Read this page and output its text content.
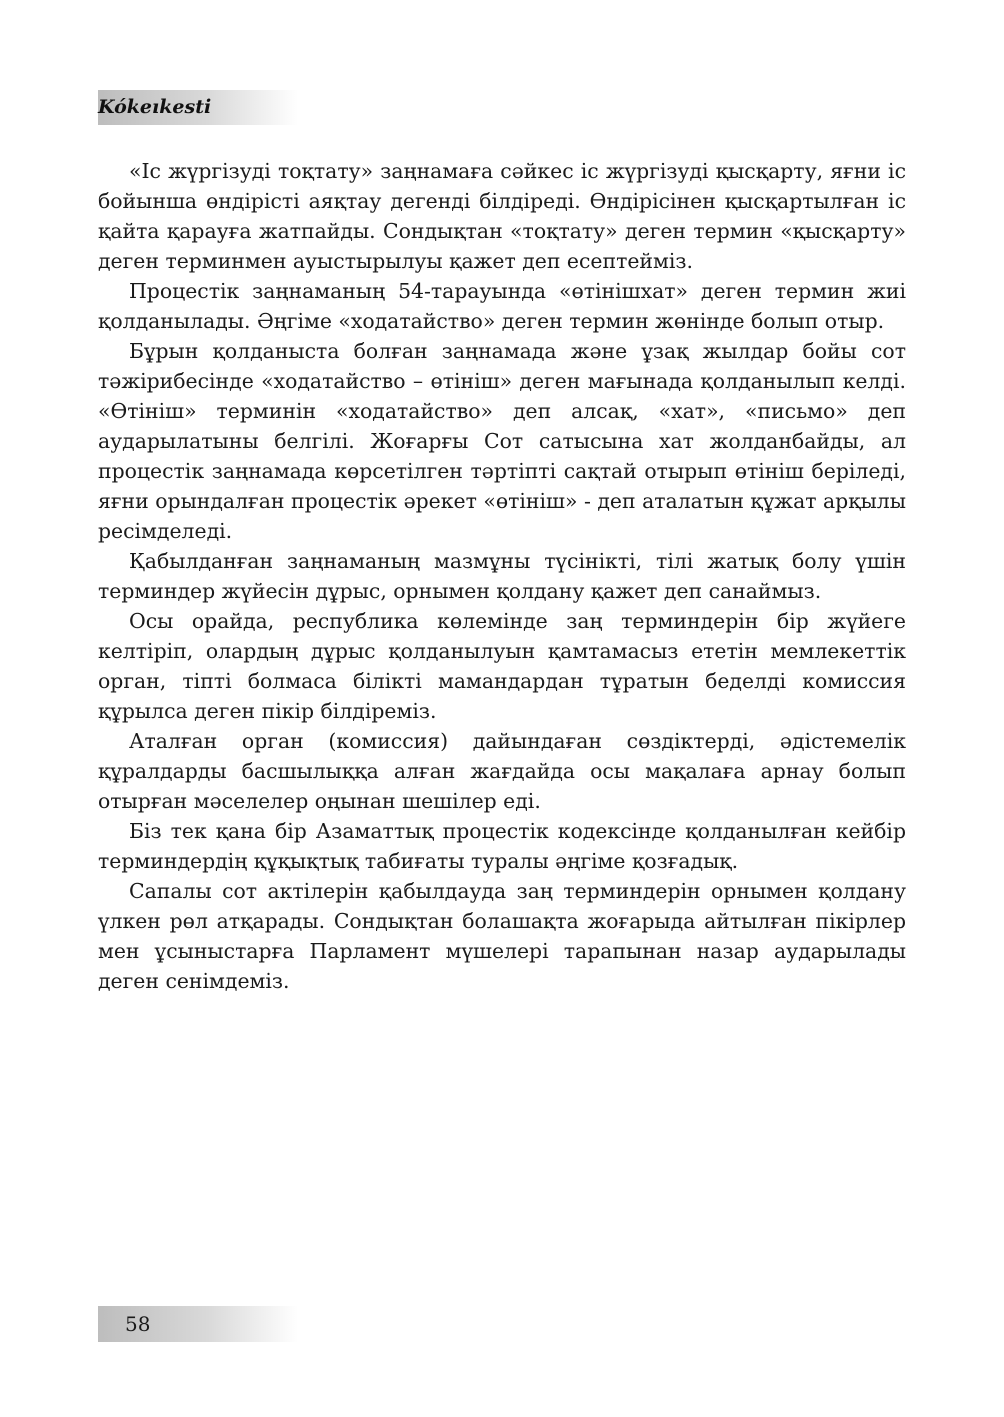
Kókeıkesti

«Іс жүргізуді тоқтату» заңнамаға сәйкес іс жүргізуді қысқарту, яғни іс бойынша өндірісті аяқтау дегенді білдіреді. Өндірісінен қысқартылған іс қайта қарауға жатпайды. Сондықтан «тоқтату» деген термин «қысқарту» деген терминмен ауыстырылуы қажет деп есептейміз.

Процестік заңнаманың 54-тарауында «өтінішхат» деген термин жиі қолданылады. Әңгіме «ходатайство» деген термин жөнінде болып отыр.

Бұрын қолданыста болған заңнамада және ұзақ жылдар бойы сот тәжірибесінде «ходатайство – өтініш» деген мағынада қолданылып келді. «Өтініш» терминін «ходатайство» деп алсақ, «хат», «письмо» деп аударылатыны белгілі. Жоғарғы Сот сатысына хат жолданбайды, ал процестік заңнамада көрсетілген тәртіпті сақтай отырып өтініш беріледі, яғни орындалған процестік әрекет «өтініш» - деп аталатын құжат арқылы ресімделеді.

Қабылданған заңнаманың мазмұны түсінікті, тілі жатық болу үшін терминдер жүйесін дұрыс, орнымен қолдану қажет деп санаймыз.

Осы орайда, республика көлемінде заң терминдерін бір жүйеге келтіріп, олардың дұрыс қолданылуын қамтамасыз ететін мемлекеттік орган, тіпті болмаса білікті мамандардан тұратын беделді комиссия құрылса деген пікір білдіреміз.

Аталған орган (комиссия) дайындаған сөздіктерді, әдістемелік құралдарды басшылыққа алған жағдайда осы мақалаға арнау болып отырған мәселелер оңынан шешілер еді.

Біз тек қана бір Азаматтық процестік кодексінде қолданылған кейбір терминдердің құқықтық табиғаты туралы әңгіме қозғадық.

Сапалы сот актілерін қабылдауда заң терминдерін орнымен қолдану үлкен рөл атқарады. Сондықтан болашақта жоғарыда айтылған пікірлер мен ұсыныстарға Парламент мүшелері тарапынан назар аударылады деген сенімдеміз.

58
